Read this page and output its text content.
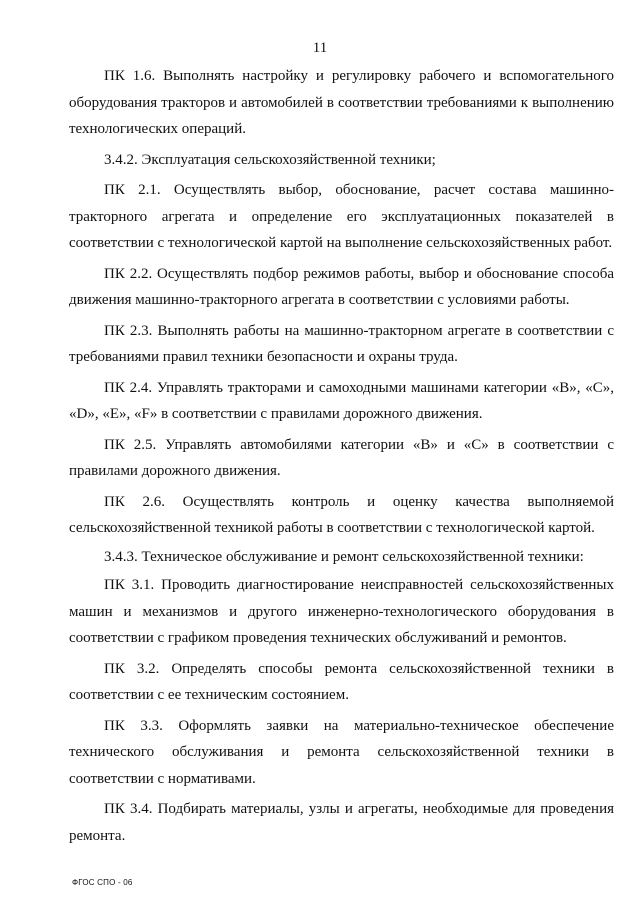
11

ПК 1.6. Выполнять настройку и регулировку рабочего и вспомогательного оборудования тракторов и автомобилей в соответствии требованиями к выполнению технологических операций.

3.4.2. Эксплуатация сельскохозяйственной техники;

ПК 2.1. Осуществлять выбор, обоснование, расчет состава машинно-тракторного агрегата и определение его эксплуатационных показателей в соответствии с технологической картой на выполнение сельскохозяйственных работ.

ПК 2.2. Осуществлять подбор режимов работы, выбор и обоснование способа движения машинно-тракторного агрегата в соответствии с условиями работы.

ПК 2.3. Выполнять работы на машинно-тракторном агрегате в соответствии с требованиями правил техники безопасности и охраны труда.

ПК 2.4. Управлять тракторами и самоходными машинами категории «B», «C», «D», «E», «F» в соответствии с правилами дорожного движения.

ПК 2.5. Управлять автомобилями категории «B» и «C» в соответствии с правилами дорожного движения.

ПК 2.6. Осуществлять контроль и оценку качества выполняемой сельскохозяйственной техникой работы в соответствии с технологической картой.

3.4.3. Техническое обслуживание и ремонт сельскохозяйственной техники:

ПК 3.1. Проводить диагностирование неисправностей сельскохозяйственных машин и механизмов и другого инженерно-технологического оборудования в соответствии с графиком проведения технических обслуживаний и ремонтов.

ПК 3.2. Определять способы ремонта сельскохозяйственной техники в соответствии с ее техническим состоянием.

ПК 3.3. Оформлять заявки на материально-техническое обеспечение технического обслуживания и ремонта сельскохозяйственной техники в соответствии с нормативами.

ПК 3.4. Подбирать материалы, узлы и агрегаты, необходимые для проведения ремонта.

ФГОС СПО - 06
